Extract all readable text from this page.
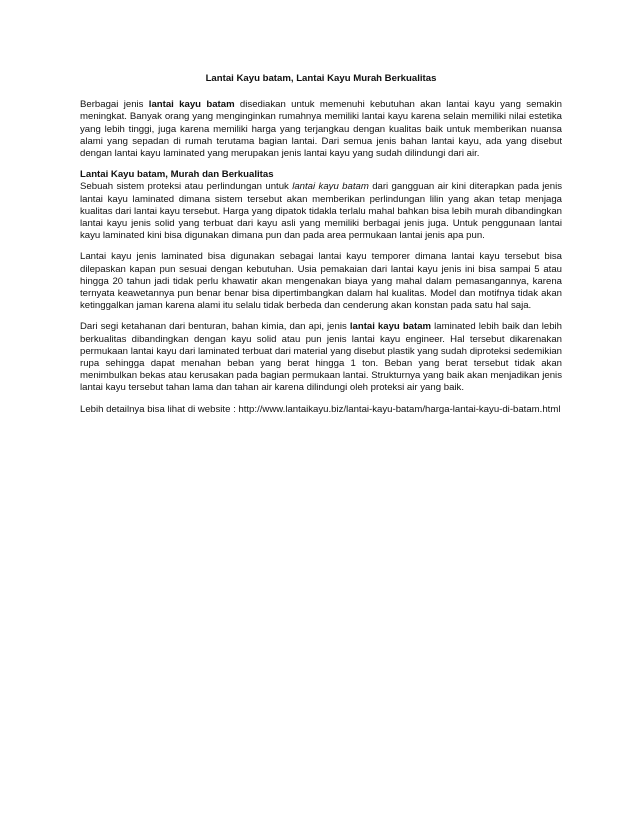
Lantai Kayu batam, Lantai Kayu Murah Berkualitas

Berbagai jenis lantai kayu batam disediakan untuk memenuhi kebutuhan akan lantai kayu yang semakin meningkat. Banyak orang yang menginginkan rumahnya memiliki lantai kayu karena selain memiliki nilai estetika yang lebih tinggi, juga karena memiliki harga yang terjangkau dengan kualitas baik untuk memberikan nuansa alami yang sepadan di rumah terutama bagian lantai. Dari semua jenis bahan lantai kayu, ada yang disebut dengan lantai kayu laminated yang merupakan jenis lantai kayu yang sudah dilindungi dari air.

Lantai Kayu batam, Murah dan Berkualitas

Sebuah sistem proteksi atau perlindungan untuk lantai kayu batam dari gangguan air kini diterapkan pada jenis lantai kayu laminated dimana sistem tersebut akan memberikan perlindungan lilin yang akan tetap menjaga kualitas dari lantai kayu tersebut. Harga yang dipatok tidakla terlalu mahal bahkan bisa lebih murah dibandingkan lantai kayu jenis solid yang terbuat dari kayu asli yang memiliki berbagai jenis juga. Untuk penggunaan lantai kayu laminated kini bisa digunakan dimana pun dan pada area permukaan lantai jenis apa pun.

Lantai kayu jenis laminated bisa digunakan sebagai lantai kayu temporer dimana lantai kayu tersebut bisa dilepaskan kapan pun sesuai dengan kebutuhan. Usia pemakaian dari lantai kayu jenis ini bisa sampai 5 atau hingga 20 tahun jadi tidak perlu khawatir akan mengenakan biaya yang mahal dalam pemasangannya, karena ternyata keawetannya pun benar benar bisa dipertimbangkan dalam hal kualitas. Model dan motifnya tidak akan ketinggalkan jaman karena alami itu selalu tidak berbeda dan cenderung akan konstan pada satu hal saja.

Dari segi ketahanan dari benturan, bahan kimia, dan api, jenis lantai kayu batam laminated lebih baik dan lebih berkualitas dibandingkan dengan kayu solid atau pun jenis lantai kayu engineer. Hal tersebut dikarenakan permukaan lantai kayu dari laminated terbuat dari material yang disebut plastik yang sudah diproteksi sedemikian rupa sehingga dapat menahan beban yang berat hingga 1 ton. Beban yang berat tersebut tidak akan menimbulkan bekas atau kerusakan pada bagian permukaan lantai. Strukturnya yang baik akan menjadikan jenis lantai kayu tersebut tahan lama dan tahan air karena dilindungi oleh proteksi air yang baik.

Lebih detailnya bisa lihat di website : http://www.lantaikayu.biz/lantai-kayu-batam/harga-lantai-kayu-di-batam.html
